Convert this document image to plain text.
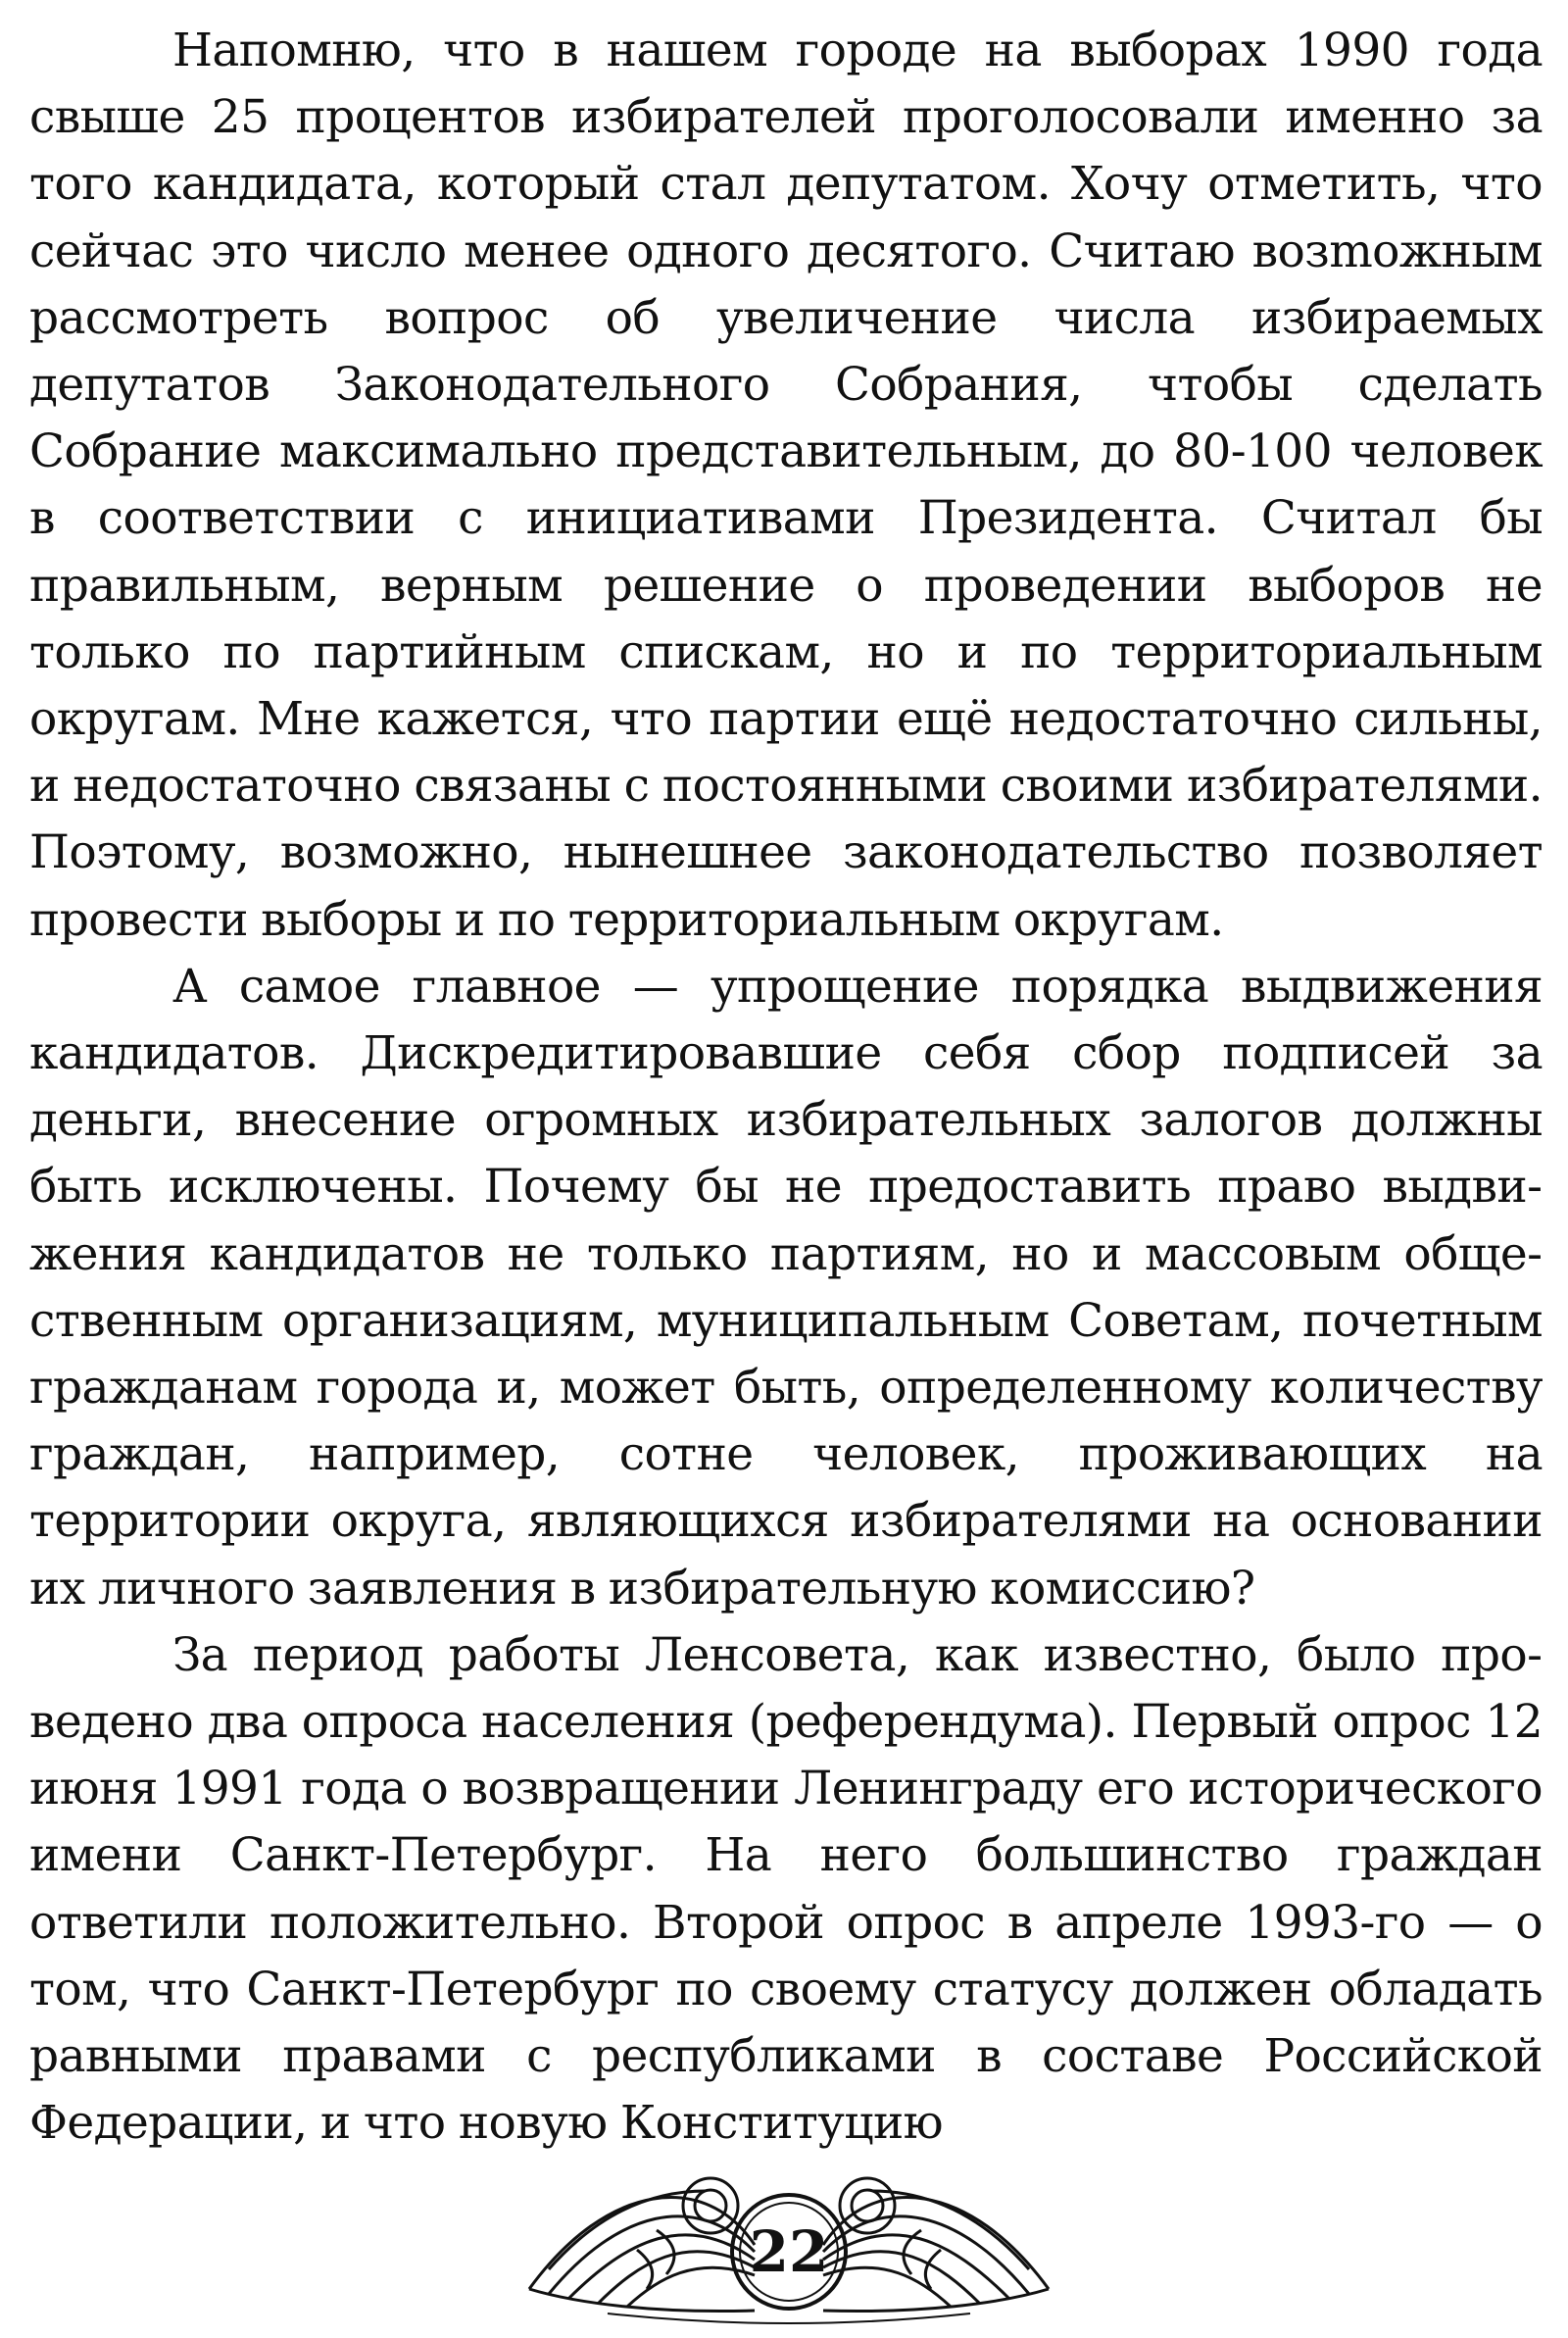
Напомню, что в нашем городе на выборах 1990 года свыше 25 процентов избирателей проголосовали именно за того кандидата, который стал депутатом. Хочу отметить, что сейчас это число менее одного десятого. Считаю возmожным рассмотреть вопрос об увеличение числа избираемых депутатов Законодательного Собрания, чтобы сделать Собрание максимально представительным, до 80-100 человек в соответствии с инициативами Президента. Считал бы правильным, верным решение о проведении выборов не только по партийным спискам, но и по территориальным округам. Мне кажется, что партии ещё недостаточно сильны, и недостаточно связаны с постоянными своими избирателями. Поэтому, возможно, нынешнее законодательство позволяет провести выборы и по территориальным округам.

А самое главное — упрощение порядка выдвижения кандидатов. Дискредитировавшие себя сбор подписей за деньги, внесение огромных избирательных залогов должны быть исключены. Почему бы не предоставить право выдвижения кандидатов не только партиям, но и массовым общественным организациям, муниципальным Советам, почетным гражданам города и, может быть, определенному количеству граждан, например, сотне человек, проживающих на территории округа, являющихся избирателями на основании их личного заявления в избирательную комиссию?

За период работы Ленсовета, как известно, было проведено два опроса населения (референдума). Первый опрос 12 июня 1991 года о возвращении Ленинграду его исторического имени Санкт-Петербург. На него большинство граждан ответили положительно. Второй опрос в апреле 1993-го — о том, что Санкт-Петербург по своему статусу должен обладать равными правами с республиками в составе Российской Федерации, и что новую Конституцию

22
